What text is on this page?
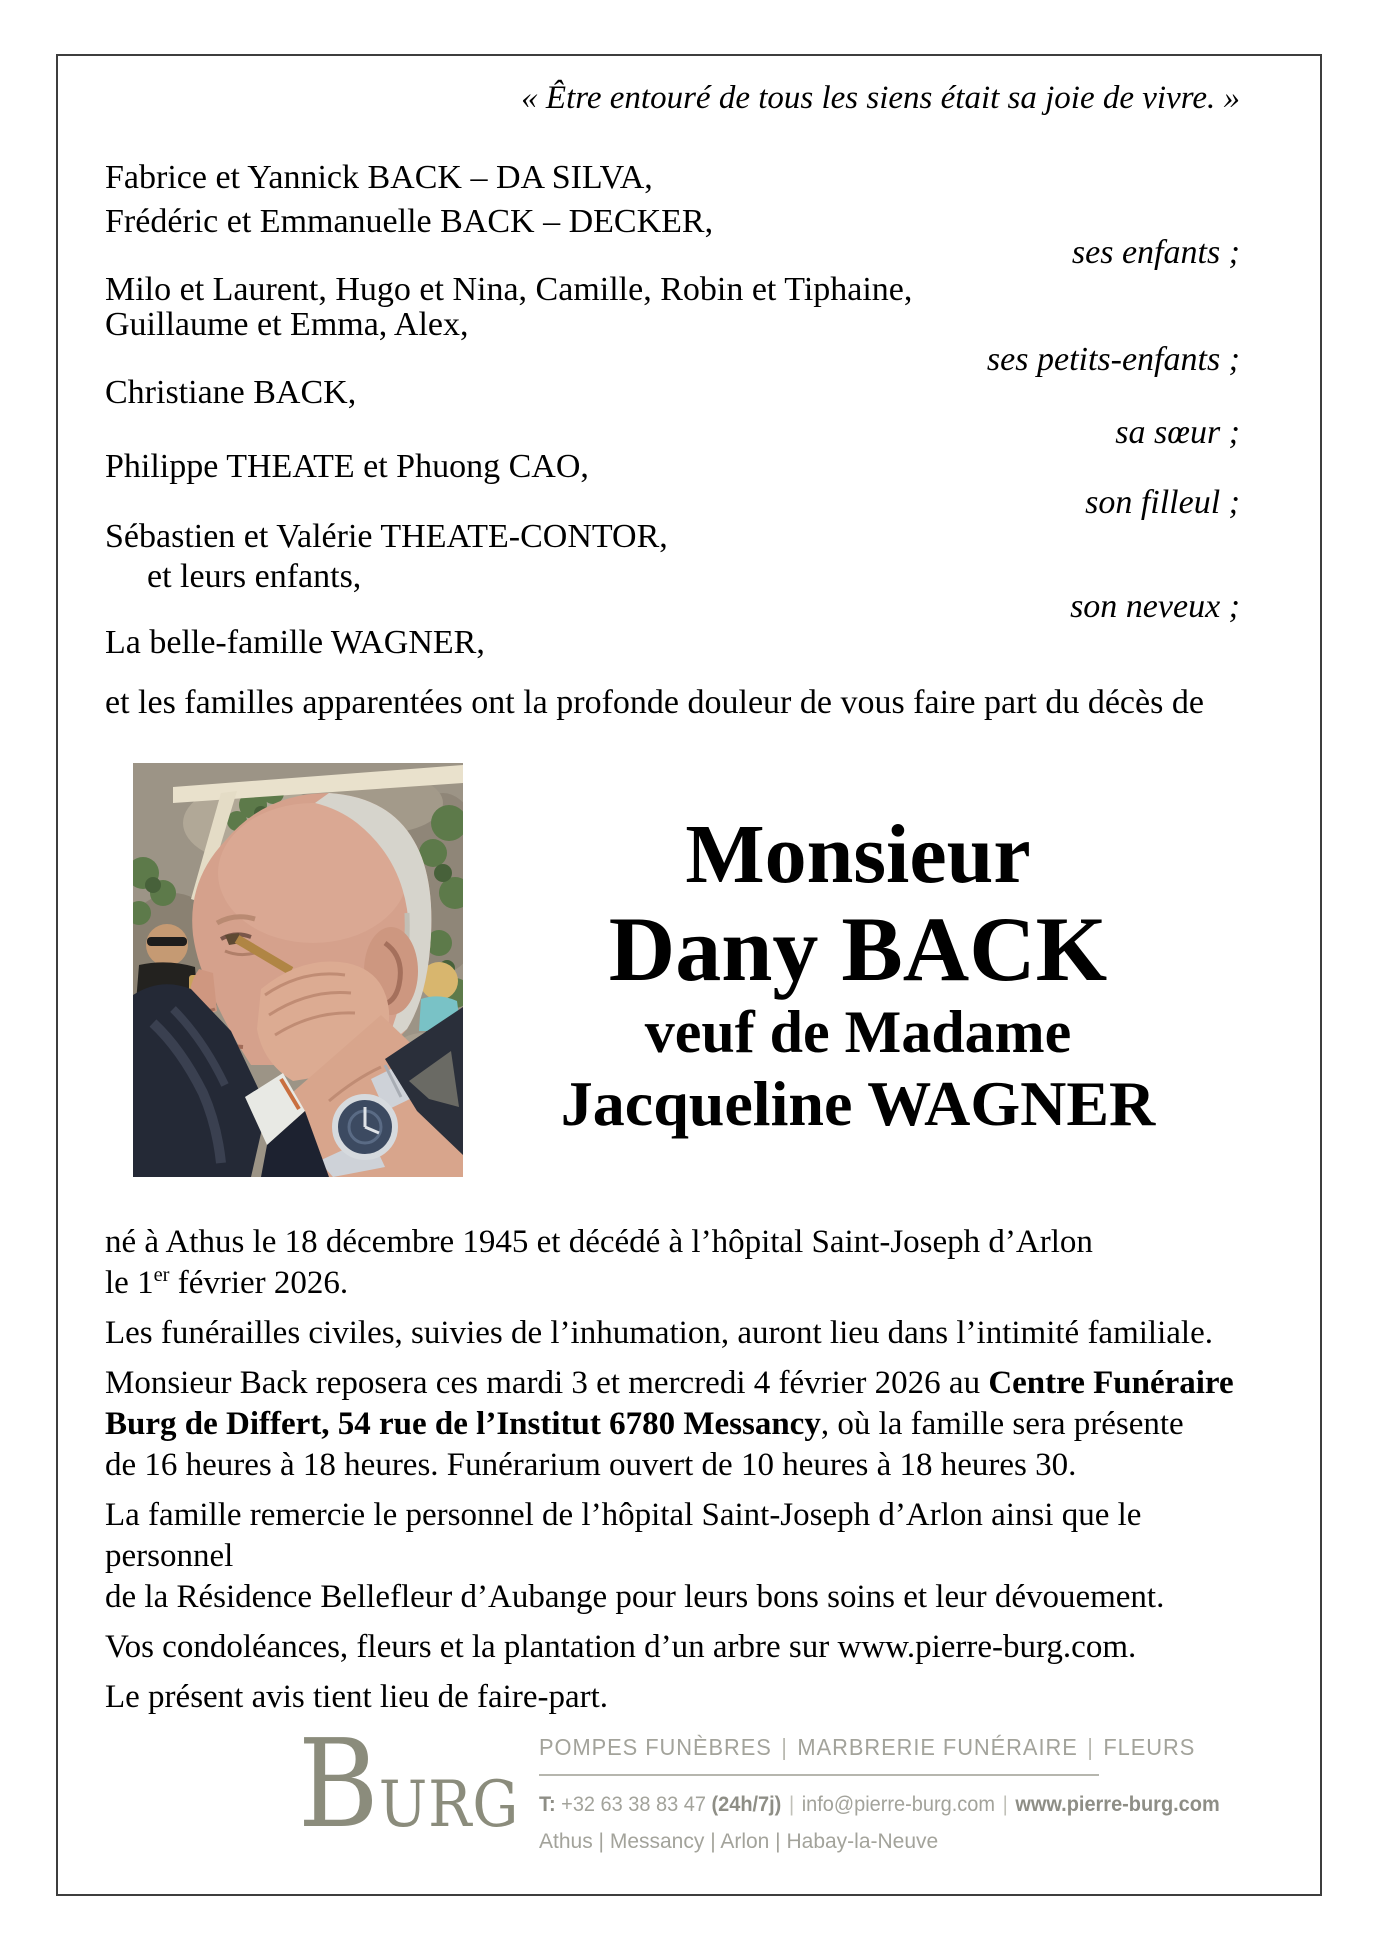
« Être entouré de tous les siens était sa joie de vivre. »
Fabrice et Yannick BACK – DA SILVA,
Frédéric et Emmanuelle BACK – DECKER,
ses enfants ;
Milo et Laurent, Hugo et Nina, Camille, Robin et Tiphaine,
Guillaume et Emma, Alex,
ses petits-enfants ;
Christiane BACK,
sa sœur ;
Philippe THEATE et Phuong CAO,
son filleul ;
Sébastien et Valérie THEATE-CONTOR,
et leurs enfants,
son neveux ;
La belle-famille WAGNER,
et les familles apparentées ont la profonde douleur de vous faire part du décès de
Monsieur
Dany BACK
veuf de Madame
Jacqueline WAGNER

né à Athus le 18 décembre 1945 et décédé à l’hôpital Saint-Joseph d’Arlon
le 1er février 2026.

Les funérailles civiles, suivies de l’inhumation, auront lieu dans l’intimité familiale.

Monsieur Back reposera ces mardi 3 et mercredi 4 février 2026 au Centre Funéraire
Burg de Differt, 54 rue de l’Institut 6780 Messancy, où la famille sera présente
de 16 heures à 18 heures. Funérarium ouvert de 10 heures à 18 heures 30.

La famille remercie le personnel de l’hôpital Saint-Joseph d’Arlon ainsi que le personnel
de la Résidence Bellefleur d’Aubange pour leurs bons soins et leur dévouement.

Vos condoléances, fleurs et la plantation d’un arbre sur www.pierre-burg.com.

Le présent avis tient lieu de faire-part.

B URG
POMPES FUNÈBRES | MARBRERIE FUNÉRAIRE | FLEURS
T: +32 63 38 83 47 (24h/7j) | info@pierre-burg.com | www.pierre-burg.com
Athus | Messancy | Arlon | Habay-la-Neuve
